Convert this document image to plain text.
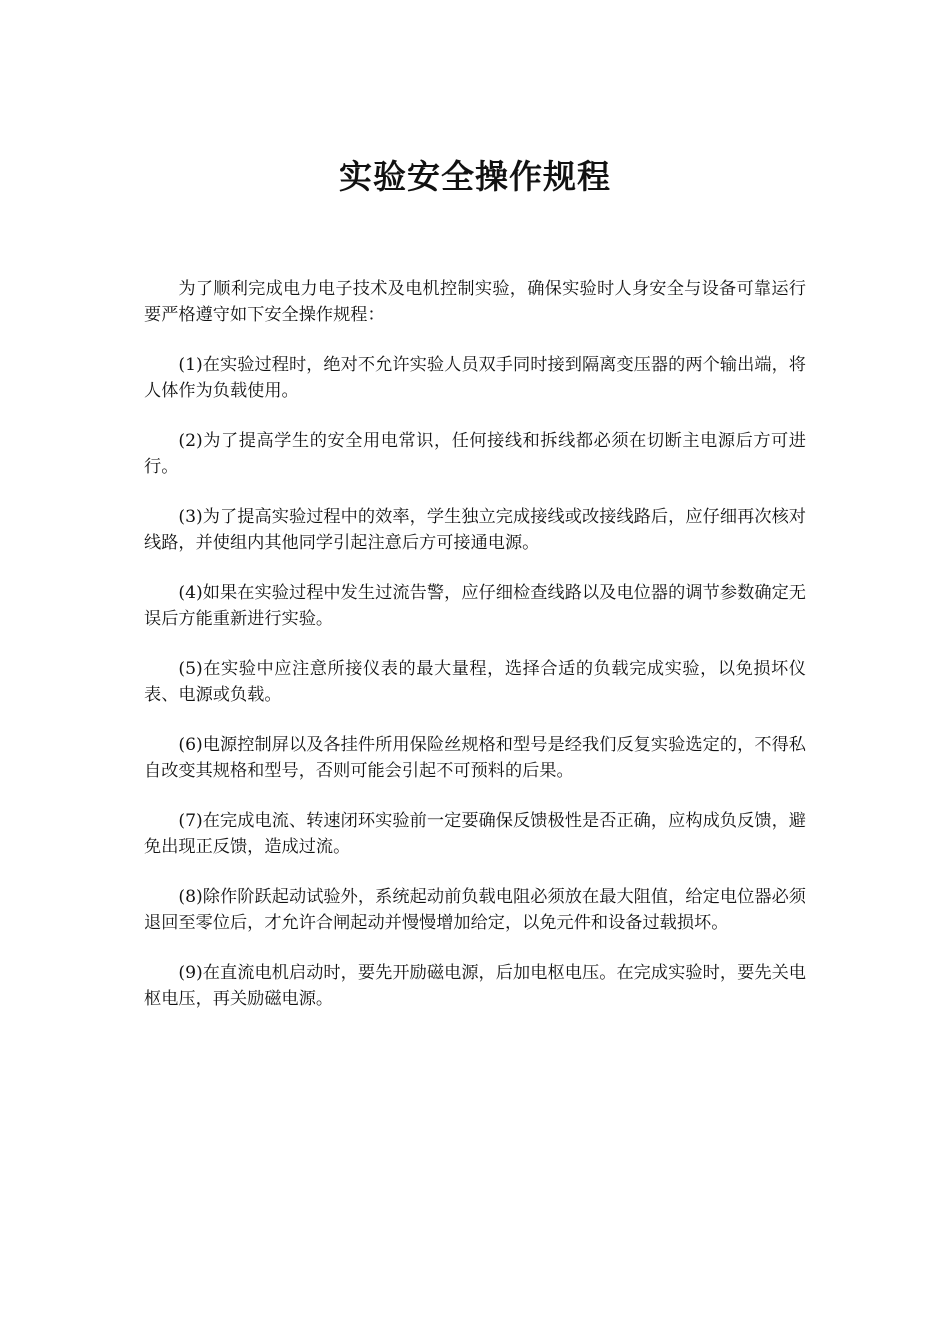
实验安全操作规程

为了顺利完成电力电子技术及电机控制实验，确保实验时人身安全与设备可靠运行要严格遵守如下安全操作规程：

(1)在实验过程时，绝对不允许实验人员双手同时接到隔离变压器的两个输出端，将人体作为负载使用。

(2)为了提高学生的安全用电常识，任何接线和拆线都必须在切断主电源后方可进行。

(3)为了提高实验过程中的效率，学生独立完成接线或改接线路后，应仔细再次核对线路，并使组内其他同学引起注意后方可接通电源。

(4)如果在实验过程中发生过流告警，应仔细检查线路以及电位器的调节参数确定无误后方能重新进行实验。

(5)在实验中应注意所接仪表的最大量程，选择合适的负载完成实验，以免损坏仪表、电源或负载。

(6)电源控制屏以及各挂件所用保险丝规格和型号是经我们反复实验选定的，不得私自改变其规格和型号，否则可能会引起不可预料的后果。

(7)在完成电流、转速闭环实验前一定要确保反馈极性是否正确，应构成负反馈，避免出现正反馈，造成过流。

(8)除作阶跃起动试验外，系统起动前负载电阻必须放在最大阻值，给定电位器必须退回至零位后，才允许合闸起动并慢慢增加给定，以免元件和设备过载损坏。

(9)在直流电机启动时，要先开励磁电源，后加电枢电压。在完成实验时，要先关电枢电压，再关励磁电源。
